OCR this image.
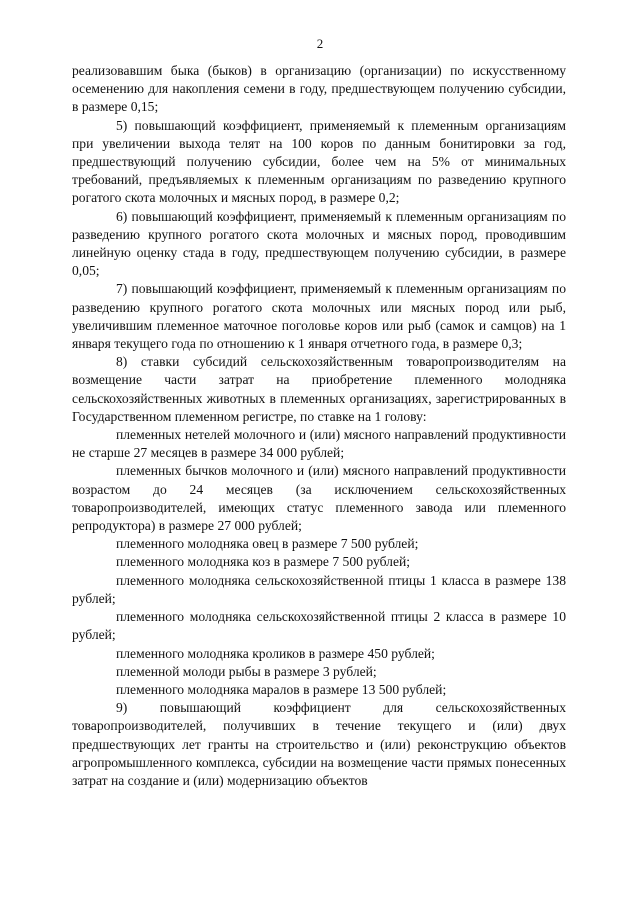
2

реализовавшим быка (быков) в организацию (организации) по искусственному осеменению для накопления семени в году, предшествующем получению субсидии, в размере 0,15;

5) повышающий коэффициент, применяемый к племенным организациям при увеличении выхода телят на 100 коров по данным бонитировки за год, предшествующий получению субсидии, более чем на 5% от минимальных требований, предъявляемых к племенным организациям по разведению крупного рогатого скота молочных и мясных пород, в размере 0,2;

6) повышающий коэффициент, применяемый к племенным организациям по разведению крупного рогатого скота молочных и мясных пород, проводившим линейную оценку стада в году, предшествующем получению субсидии, в размере 0,05;

7) повышающий коэффициент, применяемый к племенным организациям по разведению крупного рогатого скота молочных или мясных пород или рыб, увеличившим племенное маточное поголовье коров или рыб (самок и самцов) на 1 января текущего года по отношению к 1 января отчетного года, в размере 0,3;

8) ставки субсидий сельскохозяйственным товаропроизводителям на возмещение части затрат на приобретение племенного молодняка сельскохозяйственных животных в племенных организациях, зарегистрированных в Государственном племенном регистре, по ставке на 1 голову:

племенных нетелей молочного и (или) мясного направлений продуктивности не старше 27 месяцев в размере 34 000 рублей;

племенных бычков молочного и (или) мясного направлений продуктивности возрастом до 24 месяцев (за исключением сельскохозяйственных товаропроизводителей, имеющих статус племенного завода или племенного репродуктора) в размере 27 000 рублей;

племенного молодняка овец в размере 7 500 рублей;

племенного молодняка коз в размере 7 500 рублей;

племенного молодняка сельскохозяйственной птицы 1 класса в размере 138 рублей;

племенного молодняка сельскохозяйственной птицы 2 класса в размере 10 рублей;

племенного молодняка кроликов в размере 450 рублей;

племенной молоди рыбы в размере 3 рублей;

племенного молодняка маралов в размере 13 500 рублей;

9) повышающий коэффициент для сельскохозяйственных товаропроизводителей, получивших в течение текущего и (или) двух предшествующих лет гранты на строительство и (или) реконструкцию объектов агропромышленного комплекса, субсидии на возмещение части прямых понесенных затрат на создание и (или) модернизацию объектов
